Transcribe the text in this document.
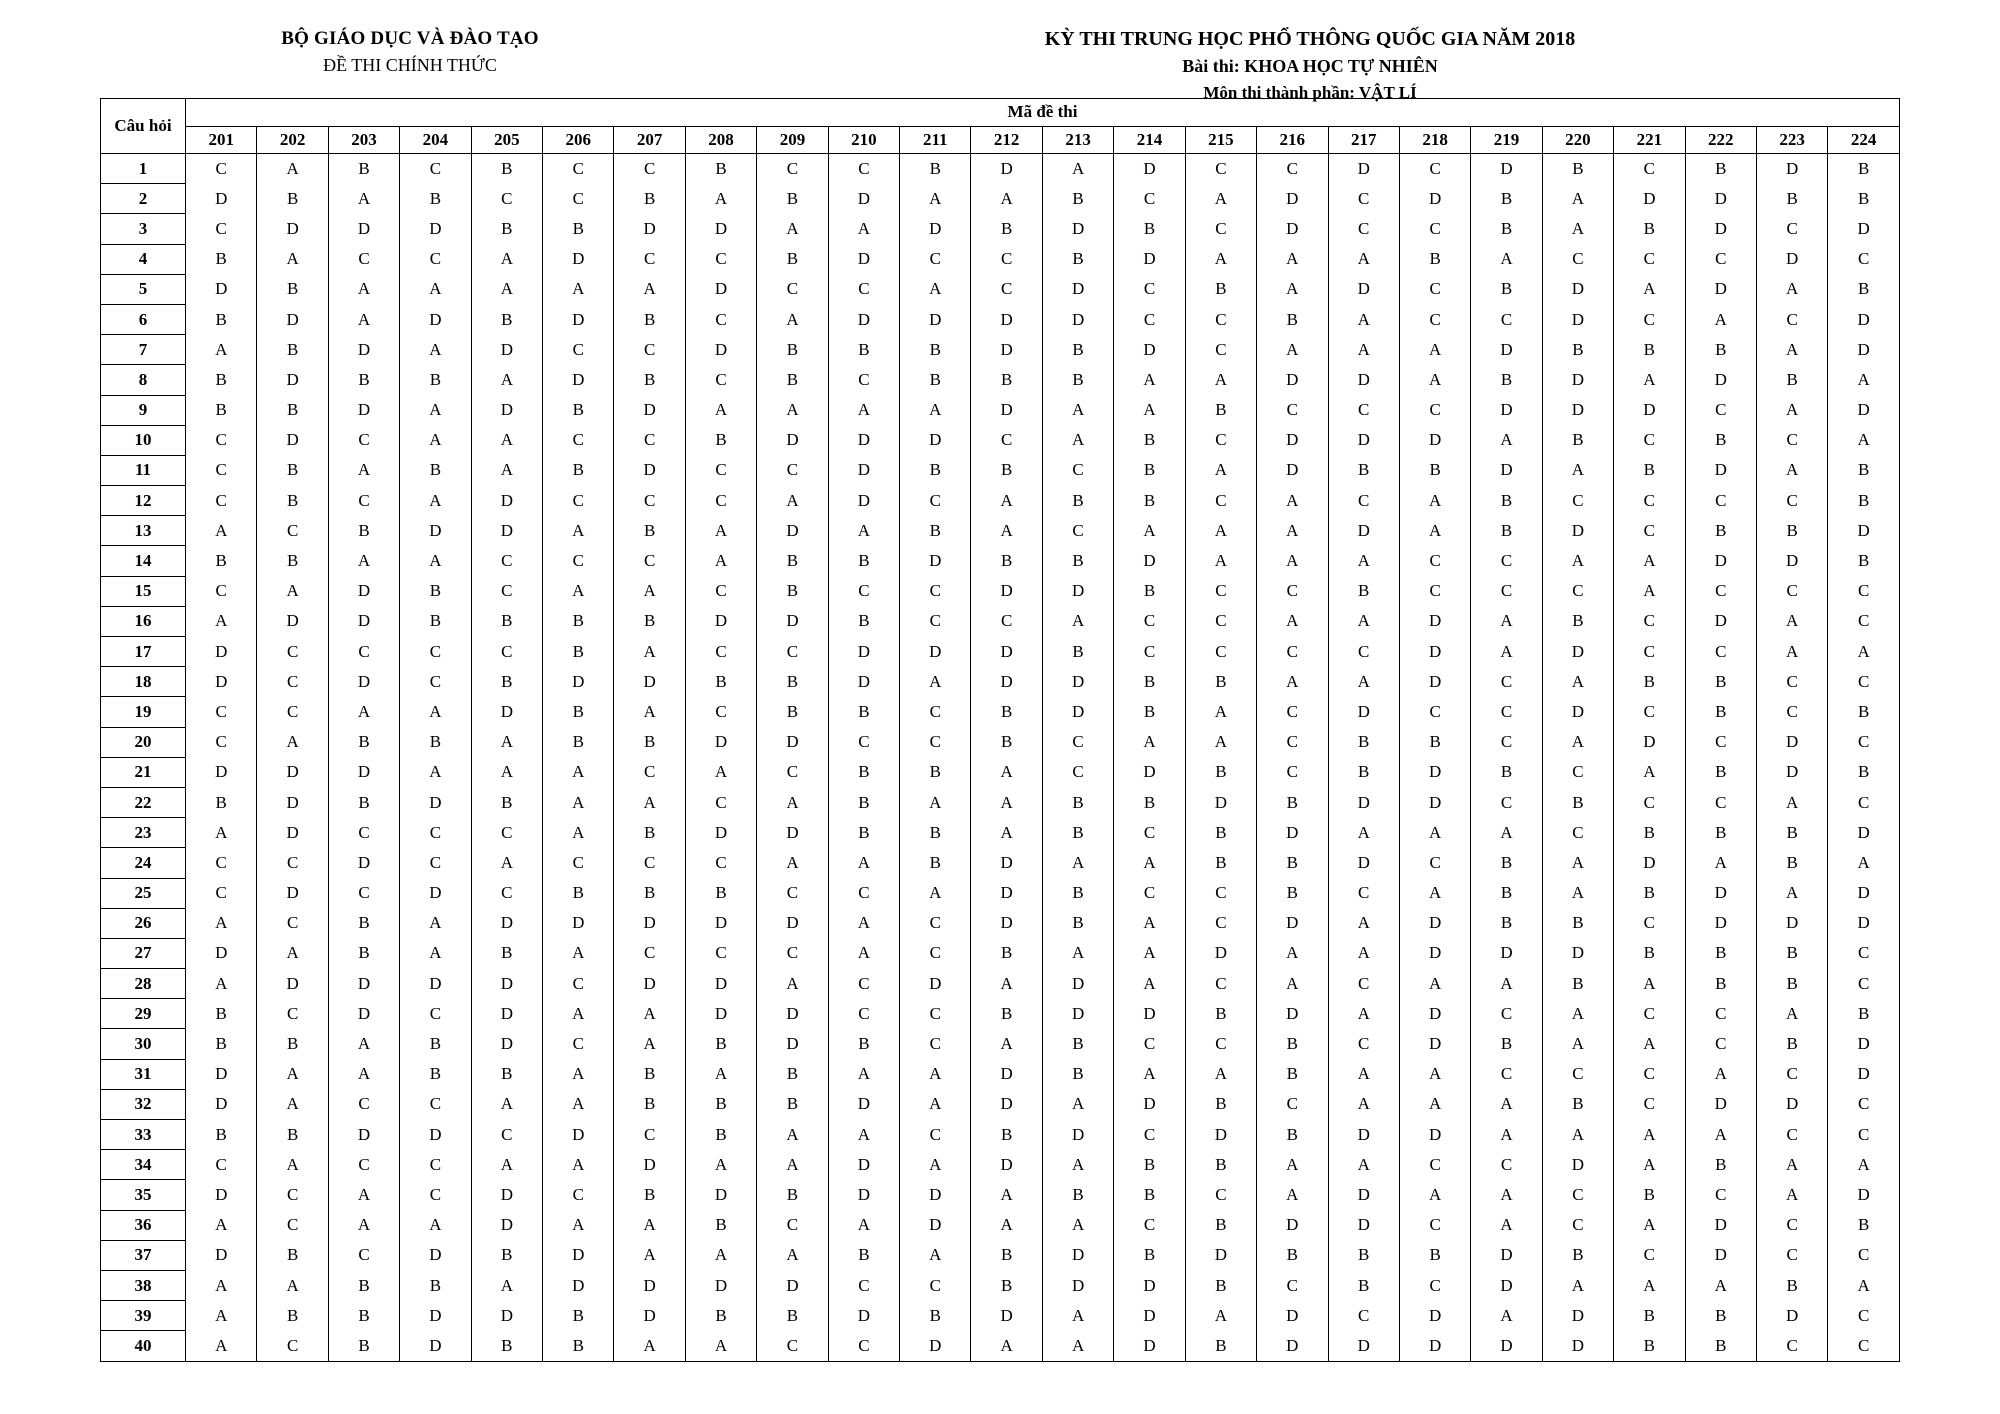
BỘ GIÁO DỤC VÀ ĐÀO TẠO
ĐỀ THI CHÍNH THỨC
KỲ THI TRUNG HỌC PHỔ THÔNG QUỐC GIA NĂM 2018
Bài thi: KHOA HỌC TỰ NHIÊN
Môn thi thành phần: VẬT LÍ
Câu hỏi	Mã đề thi																							
	201	202	203	204	205	206	207	208	209	210	211	212	213	214	215	216	217	218	219	220	221	222	223	224
1	C	A	B	C	B	C	C	B	C	C	B	D	A	D	C	C	D	C	D	B	C	B	D	B
2	D	B	A	B	C	C	B	A	B	D	A	A	B	C	A	D	C	D	B	A	D	D	B	B
3	C	D	D	D	B	B	D	D	A	A	D	B	D	B	C	D	C	C	B	A	B	D	C	D
4	B	A	C	C	A	D	C	C	B	D	C	C	B	D	A	A	A	B	A	C	C	C	D	C
5	D	B	A	A	A	A	A	D	C	C	A	C	D	C	B	A	D	C	B	D	A	D	A	B
6	B	D	A	D	B	D	B	C	A	D	D	D	D	C	C	B	A	C	C	D	C	A	C	D
7	A	B	D	A	D	C	C	D	B	B	B	D	B	D	C	A	A	A	D	B	B	B	A	D
8	B	D	B	B	A	D	B	C	B	C	B	B	B	A	A	D	D	A	B	D	A	D	B	A
9	B	B	D	A	D	B	D	A	A	A	A	D	A	A	B	C	C	C	D	D	D	C	A	D
10	C	D	C	A	A	C	C	B	D	D	D	C	A	B	C	D	D	D	A	B	C	B	C	A
11	C	B	A	B	A	B	D	C	C	D	B	B	C	B	A	D	B	B	D	A	B	D	A	B
12	C	B	C	A	D	C	C	C	A	D	C	A	B	B	C	A	C	A	B	C	C	C	C	B
13	A	C	B	D	D	A	B	A	D	A	B	A	C	A	A	A	D	A	B	D	C	B	B	D
14	B	B	A	A	C	C	C	A	B	B	D	B	B	D	A	A	A	C	C	A	A	D	D	B
15	C	A	D	B	C	A	A	C	B	C	C	D	D	B	C	C	B	C	C	C	A	C	C	C
16	A	D	D	B	B	B	B	D	D	B	C	C	A	C	C	A	A	D	A	B	C	D	A	C
17	D	C	C	C	C	B	A	C	C	D	D	D	B	C	C	C	C	D	A	D	C	C	A	A
18	D	C	D	C	B	D	D	B	B	D	A	D	D	B	B	A	A	D	C	A	B	B	C	C
19	C	C	A	A	D	B	A	C	B	B	C	B	D	B	A	C	D	C	C	D	C	B	C	B
20	C	A	B	B	A	B	B	D	D	C	C	B	C	A	A	C	B	B	C	A	D	C	D	C
21	D	D	D	A	A	A	C	A	C	B	B	A	C	D	B	C	B	D	B	C	A	B	D	B
22	B	D	B	D	B	A	A	C	A	B	A	A	B	B	D	B	D	D	C	B	C	C	A	C
23	A	D	C	C	C	A	B	D	D	B	B	A	B	C	B	D	A	A	A	C	B	B	B	D
24	C	C	D	C	A	C	C	C	A	A	B	D	A	A	B	B	D	C	B	A	D	A	B	A
25	C	D	C	D	C	B	B	B	C	C	A	D	B	C	C	B	C	A	B	A	B	D	A	D
26	A	C	B	A	D	D	D	D	D	A	C	D	B	A	C	D	A	D	B	B	C	D	D	D
27	D	A	B	A	B	A	C	C	C	A	C	B	A	A	D	A	A	D	D	D	B	B	B	C
28	A	D	D	D	D	C	D	D	A	C	D	A	D	A	C	A	C	A	A	B	A	B	B	C
29	B	C	D	C	D	A	A	D	D	C	C	B	D	D	B	D	A	D	C	A	C	C	A	B
30	B	B	A	B	D	C	A	B	D	B	C	A	B	C	C	B	C	D	B	A	A	C	B	D
31	D	A	A	B	B	A	B	A	B	A	A	D	B	A	A	B	A	A	C	C	C	A	C	D
32	D	A	C	C	A	A	B	B	B	D	A	D	A	D	B	C	A	A	A	B	C	D	D	C
33	B	B	D	D	C	D	C	B	A	A	C	B	D	C	D	B	D	D	A	A	A	A	C	C
34	C	A	C	C	A	A	D	A	A	D	A	D	A	B	B	A	A	C	C	D	A	B	A	A
35	D	C	A	C	D	C	B	D	B	D	D	A	B	B	C	A	D	A	A	C	B	C	A	D
36	A	C	A	A	D	A	A	B	C	A	D	A	A	C	B	D	D	C	A	C	A	D	C	B
37	D	B	C	D	B	D	A	A	A	B	A	B	D	B	D	B	B	B	D	B	C	D	C	C
38	A	A	B	B	A	D	D	D	D	C	C	B	D	D	B	C	B	C	D	A	A	A	B	A
39	A	B	B	D	D	B	D	B	B	D	B	D	A	D	A	D	C	D	A	D	B	B	D	C
40	A	C	B	D	B	B	A	A	C	C	D	A	A	D	B	D	D	D	D	D	B	B	C	C
